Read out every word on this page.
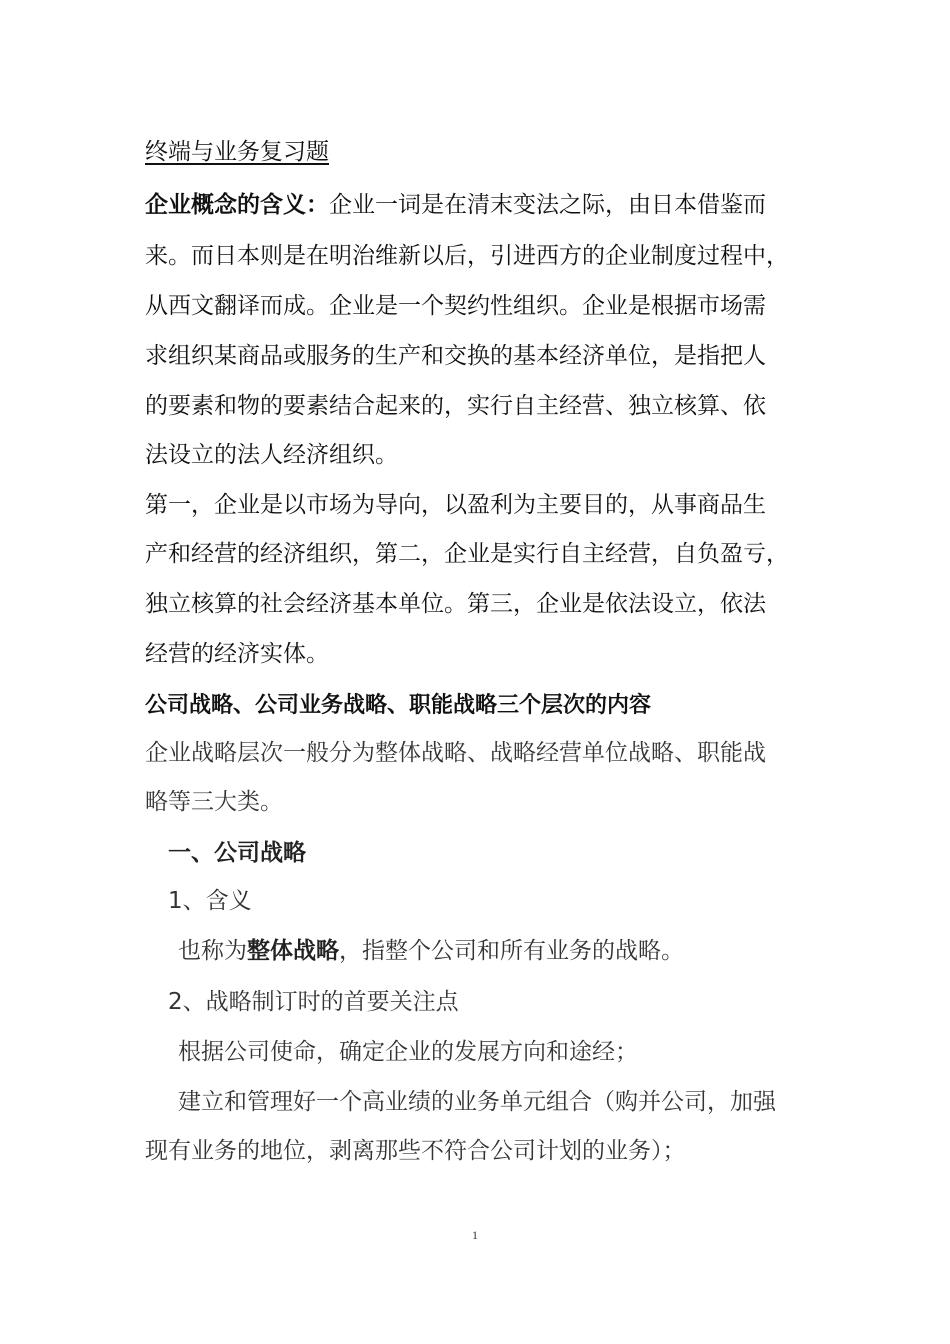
终端与业务复习题
企业概念的含义：企业一词是在清末变法之际，由日本借鉴而
来。而日本则是在明治维新以后，引进西方的企业制度过程中，
从西文翻译而成。企业是一个契约性组织。企业是根据市场需
求组织某商品或服务的生产和交换的基本经济单位，是指把人
的要素和物的要素结合起来的，实行自主经营、独立核算、依
法设立的法人经济组织。
第一，企业是以市场为导向，以盈利为主要目的，从事商品生
产和经营的经济组织，第二，企业是实行自主经营，自负盈亏，
独立核算的社会经济基本单位。第三，企业是依法设立，依法
经营的经济实体。
公司战略、公司业务战略、职能战略三个层次的内容
企业战略层次一般分为整体战略、战略经营单位战略、职能战
略等三大类。
一、公司战略
1、含义
也称为整体战略，指整个公司和所有业务的战略。
2、战略制订时的首要关注点
根据公司使命，确定企业的发展方向和途经；
建立和管理好一个高业绩的业务单元组合（购并公司，加强
现有业务的地位，剥离那些不符合公司计划的业务）；
1
